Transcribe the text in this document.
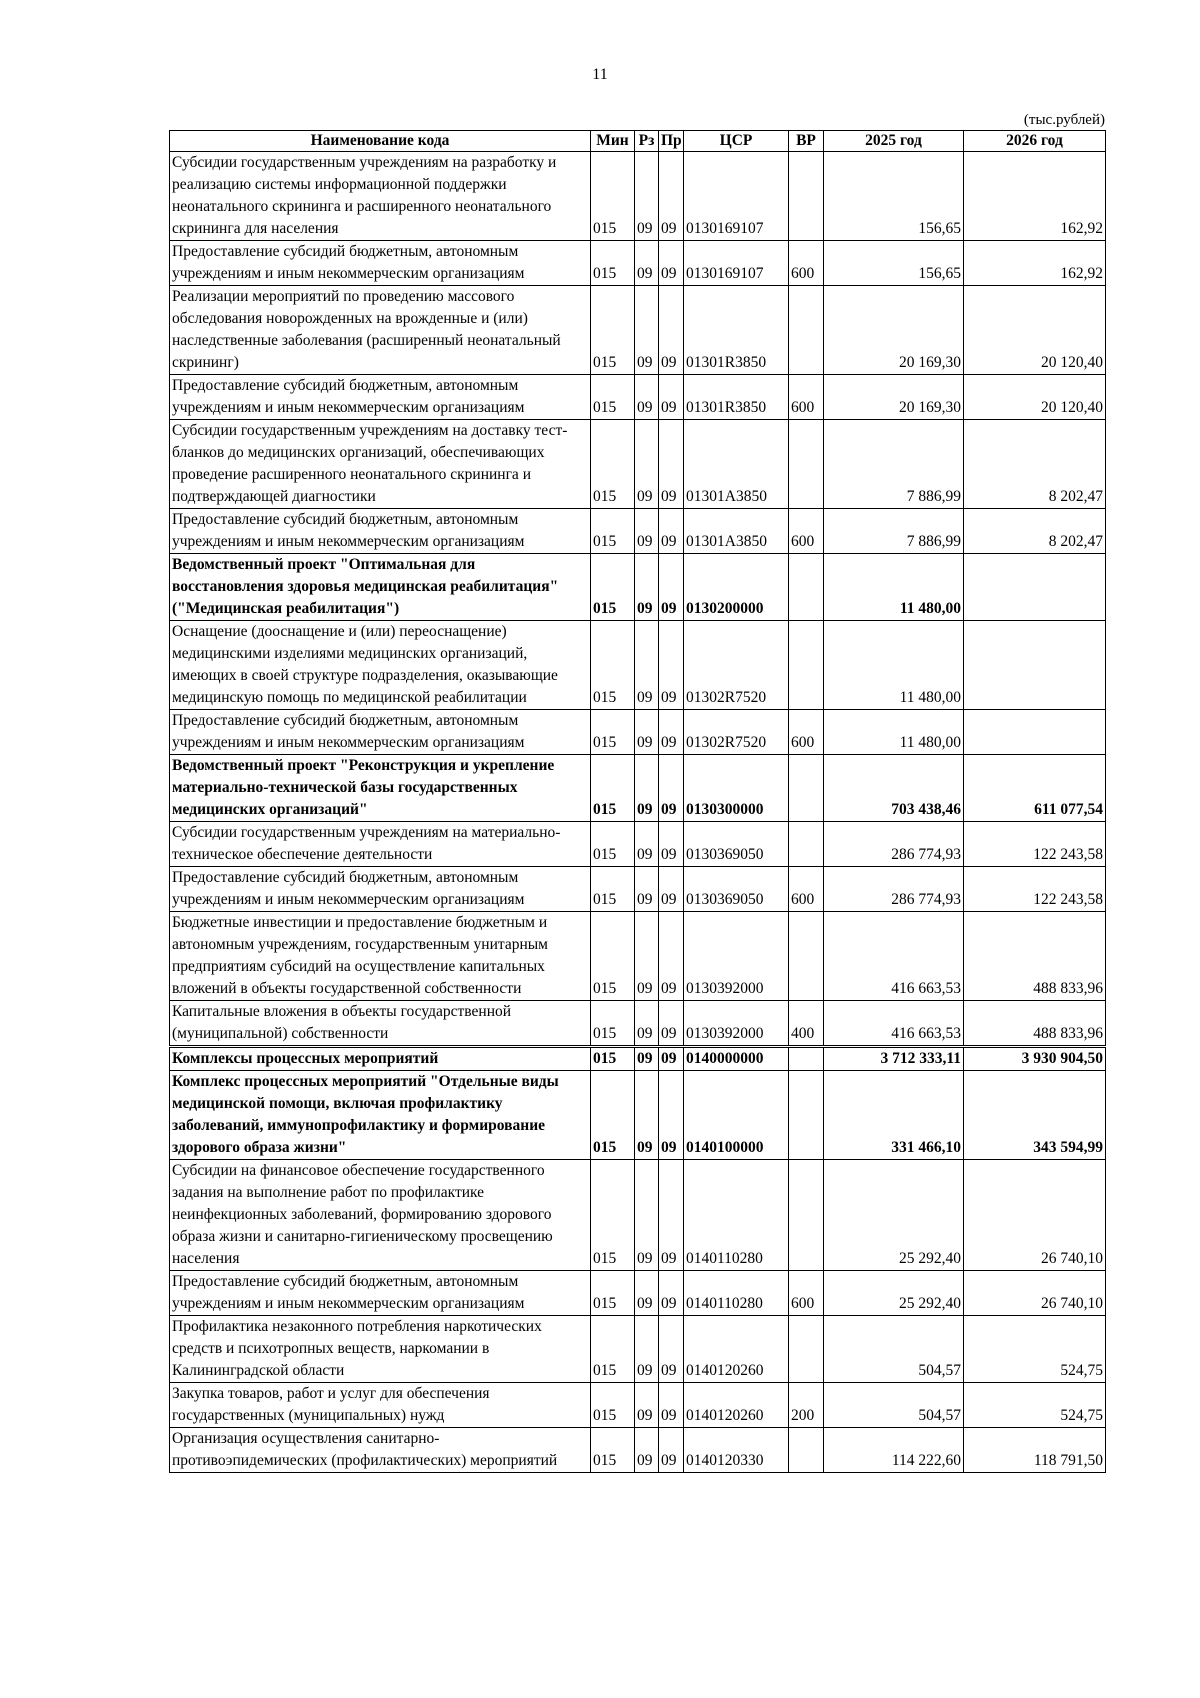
11
(тыс.рублей)
Наименование кода	Мин	Рз	Пр	ЦСР	ВР	2025 год	2026 год
Субсидии государственным учреждениям на разработку и реализацию системы информационной поддержки неонатального скрининга и расширенного неонатального скрининга для населения	015	09	09	0130169107		156,65	162,92
Предоставление субсидий бюджетным, автономным учреждениям и иным некоммерческим организациям	015	09	09	0130169107	600	156,65	162,92
Реализации мероприятий по проведению массового обследования новорожденных на врожденные и (или) наследственные заболевания (расширенный неонатальный скрининг)	015	09	09	01301R3850		20 169,30	20 120,40
Предоставление субсидий бюджетным, автономным учреждениям и иным некоммерческим организациям	015	09	09	01301R3850	600	20 169,30	20 120,40
Субсидии государственным учреждениям на доставку тест-бланков до медицинских организаций, обеспечивающих проведение расширенного неонатального скрининга и подтверждающей диагностики	015	09	09	01301A3850		7 886,99	8 202,47
Предоставление субсидий бюджетным, автономным учреждениям и иным некоммерческим организациям	015	09	09	01301A3850	600	7 886,99	8 202,47
Ведомственный проект "Оптимальная для восстановления здоровья медицинская реабилитация" ("Медицинская реабилитация")	015	09	09	0130200000		11 480,00	
Оснащение (дооснащение и (или) переоснащение) медицинскими изделиями медицинских организаций, имеющих в своей структуре подразделения, оказывающие медицинскую помощь по медицинской реабилитации	015	09	09	01302R7520		11 480,00	
Предоставление субсидий бюджетным, автономным учреждениям и иным некоммерческим организациям	015	09	09	01302R7520	600	11 480,00	
Ведомственный проект "Реконструкция и укрепление материально-технической базы государственных медицинских организаций"	015	09	09	0130300000		703 438,46	611 077,54
Субсидии государственным учреждениям на материально-техническое обеспечение деятельности	015	09	09	0130369050		286 774,93	122 243,58
Предоставление субсидий бюджетным, автономным учреждениям и иным некоммерческим организациям	015	09	09	0130369050	600	286 774,93	122 243,58
Бюджетные инвестиции и предоставление бюджетным и автономным учреждениям, государственным унитарным предприятиям субсидий на осуществление капитальных вложений в объекты государственной собственности	015	09	09	0130392000		416 663,53	488 833,96
Капитальные вложения в объекты государственной (муниципальной) собственности	015	09	09	0130392000	400	416 663,53	488 833,96
Комплексы процессных мероприятий	015	09	09	0140000000		3 712 333,11	3 930 904,50
Комплекс процессных мероприятий "Отдельные виды медицинской помощи, включая профилактику заболеваний, иммунопрофилактику и формирование здорового образа жизни"	015	09	09	0140100000		331 466,10	343 594,99
Субсидии на финансовое обеспечение государственного задания на выполнение работ по профилактике неинфекционных заболеваний, формированию здорового образа жизни и санитарно-гигиеническому просвещению населения	015	09	09	0140110280		25 292,40	26 740,10
Предоставление субсидий бюджетным, автономным учреждениям и иным некоммерческим организациям	015	09	09	0140110280	600	25 292,40	26 740,10
Профилактика незаконного потребления наркотических средств и психотропных веществ, наркомании в Калининградской области	015	09	09	0140120260		504,57	524,75
Закупка товаров, работ и услуг для обеспечения государственных (муниципальных) нужд	015	09	09	0140120260	200	504,57	524,75
Организация осуществления санитарно-противоэпидемических (профилактических) мероприятий	015	09	09	0140120330		114 222,60	118 791,50
